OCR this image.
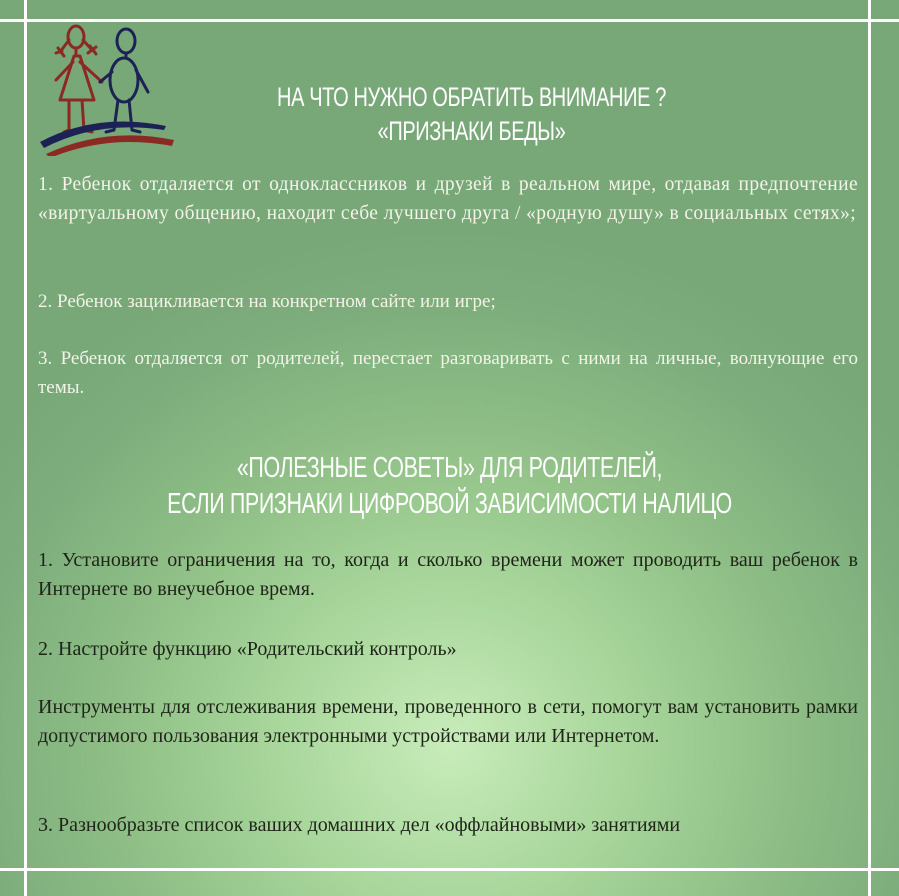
НА ЧТО НУЖНО ОБРАТИТЬ ВНИМАНИЕ ?
«ПРИЗНАКИ БЕДЫ»

1. Ребенок отдаляется от одноклассников и друзей в реальном мире, отдавая предпочтение «виртуальному общению, находит себе лучшего друга / «родную душу» в социальных сетях»;

2. Ребенок зацикливается на конкретном сайте или игре;

3. Ребенок отдаляется от родителей, перестает разговаривать с ними на личные, волнующие его темы.

«ПОЛЕЗНЫЕ СОВЕТЫ» ДЛЯ РОДИТЕЛЕЙ,
ЕСЛИ ПРИЗНАКИ ЦИФРОВОЙ ЗАВИСИМОСТИ НАЛИЦО

1. Установите ограничения на то, когда и сколько времени может проводить ваш ребенок в Интернете во внеучебное время.

2. Настройте функцию «Родительский контроль»

Инструменты для отслеживания времени, проведенного в сети, помогут вам установить рамки допустимого пользования электронными устройствами или Интернетом.

3. Разнообразьте список ваших домашних дел «оффлайновыми» занятиями
